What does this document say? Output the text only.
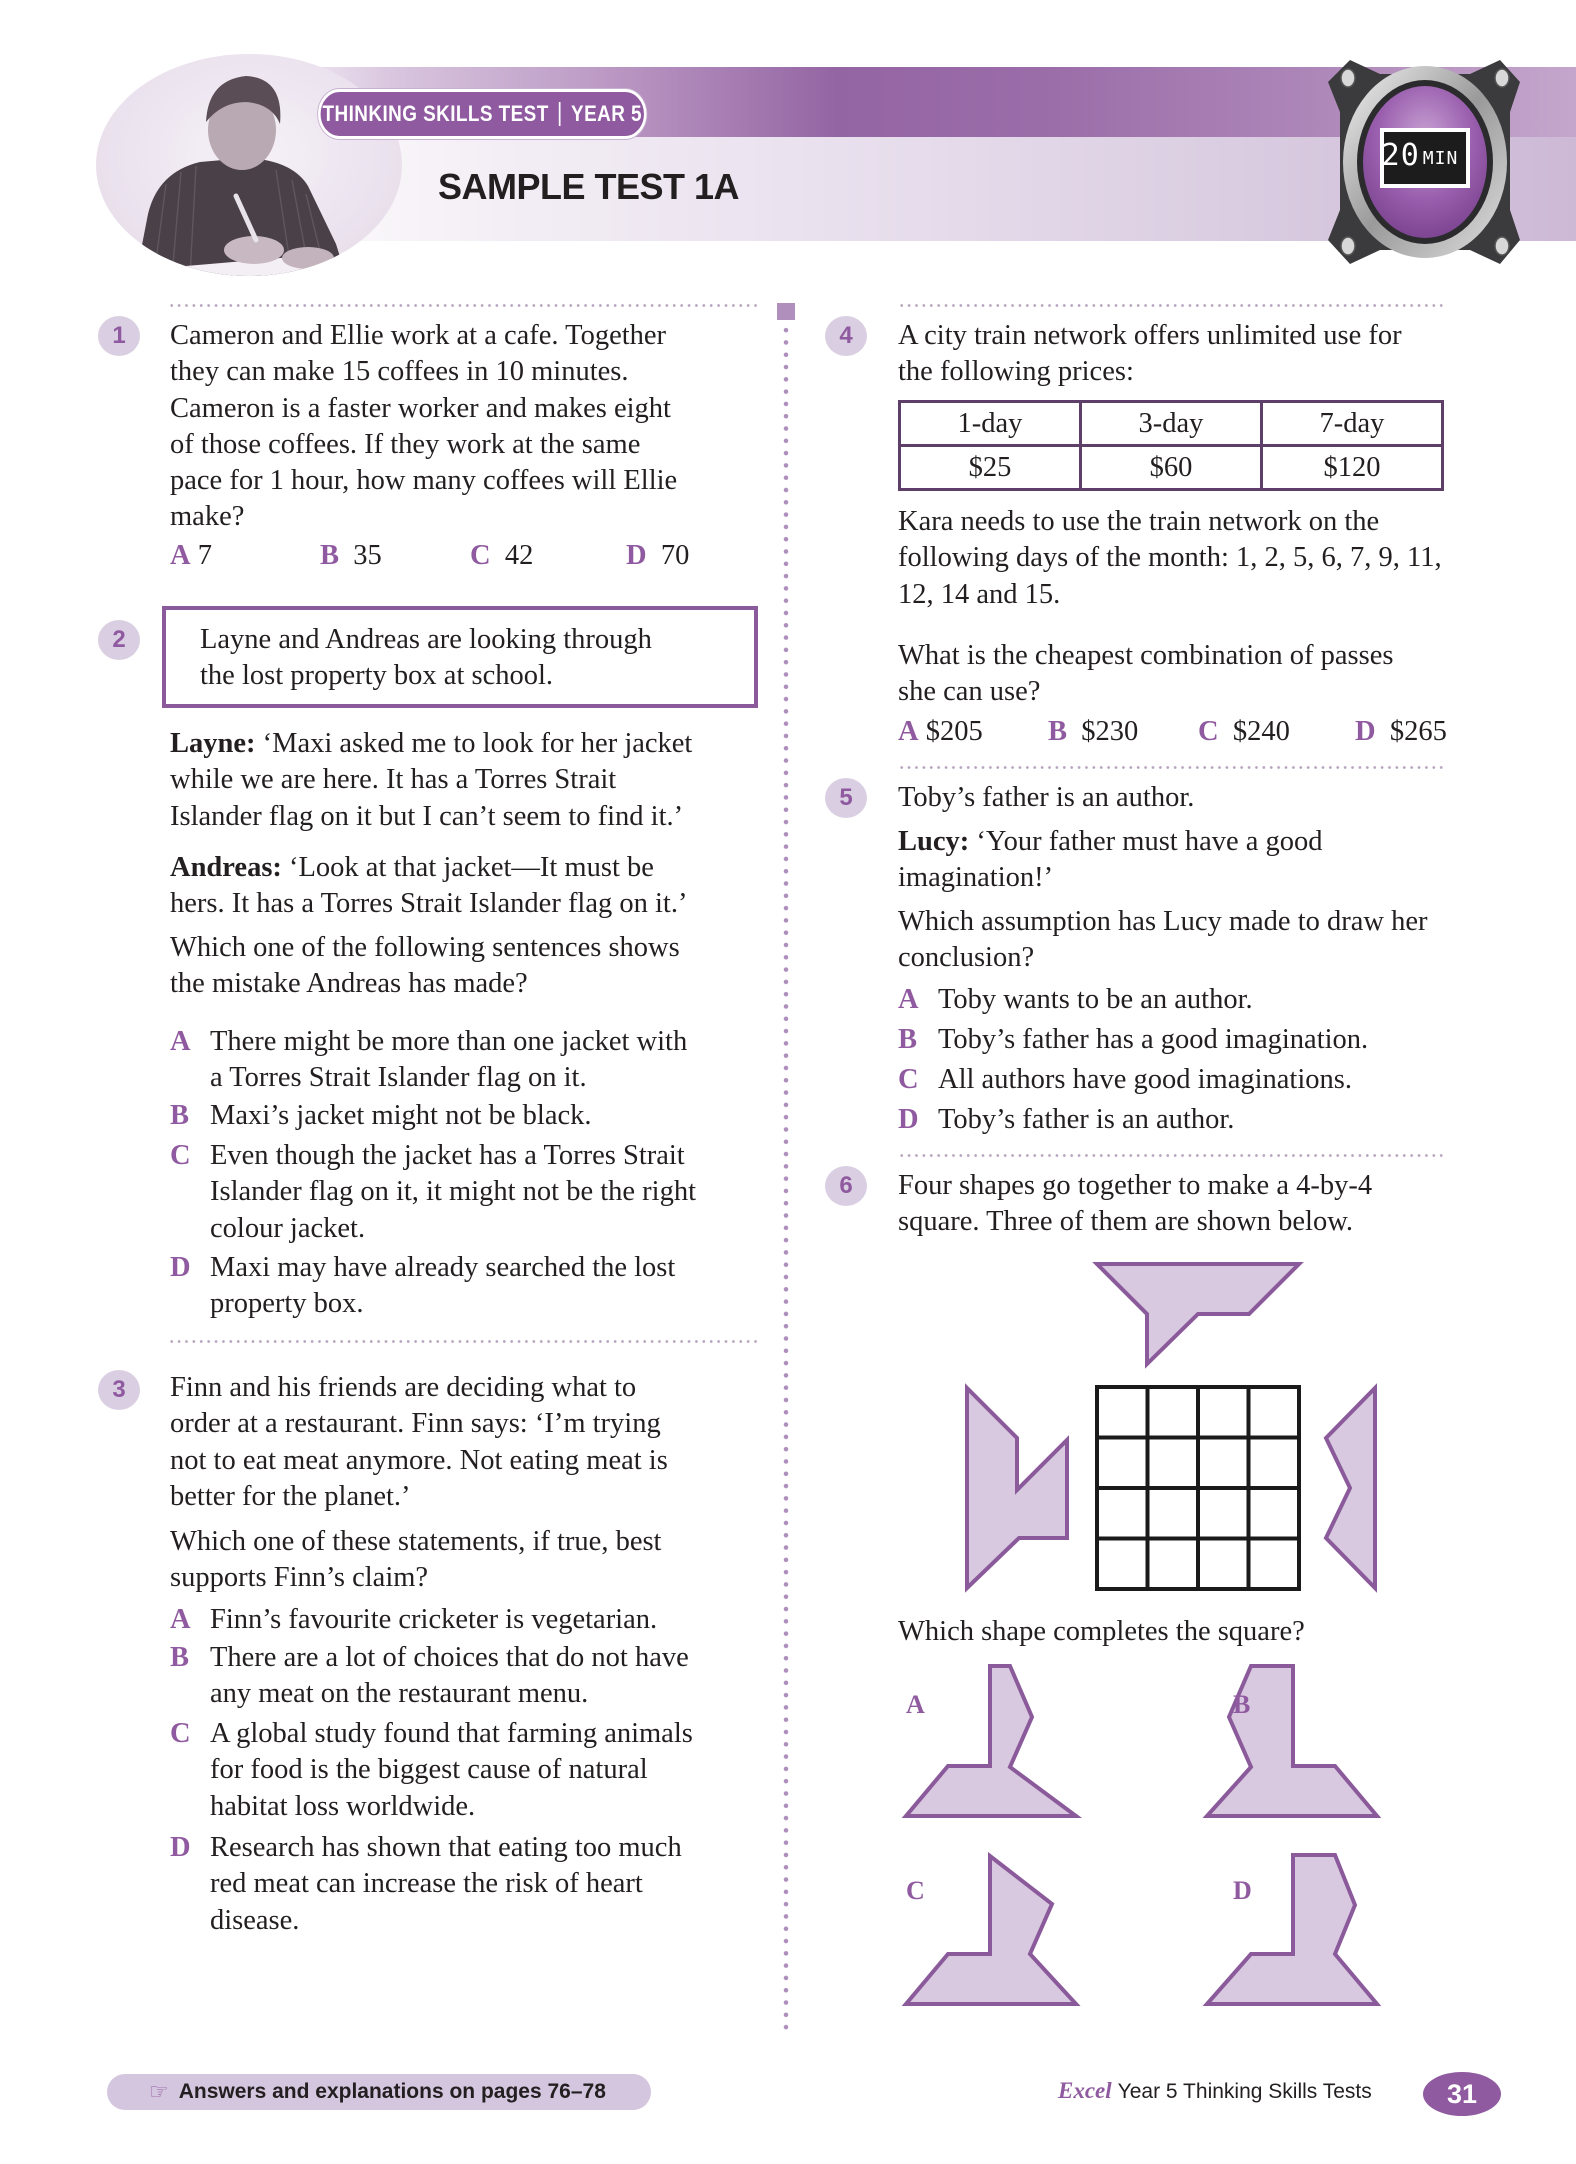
THINKING SKILLS TEST YEAR 5
SAMPLE TEST 1A
20 MIN
1	Cameron and Ellie work at a cafe. Together
they can make 15 coffees in 10 minutes.
Cameron is a faster worker and makes eight
of those coffees. If they work at the same
pace for 1 hour, how many coffees will Ellie
make?
A 7	B 35	C 42	D 70
2	Layne and Andreas are looking through
the lost property box at school.
Layne: ‘Maxi asked me to look for her jacket
while we are here. It has a Torres Strait
Islander flag on it but I can’t seem to find it.’
Andreas: ‘Look at that jacket—It must be
hers. It has a Torres Strait Islander flag on it.’
Which one of the following sentences shows
the mistake Andreas has made?
A There might be more than one jacket with
a Torres Strait Islander flag on it.
B Maxi’s jacket might not be black.
C Even though the jacket has a Torres Strait
Islander flag on it, it might not be the right
colour jacket.
D Maxi may have already searched the lost
property box.
3	Finn and his friends are deciding what to
order at a restaurant. Finn says: ‘I’m trying
not to eat meat anymore. Not eating meat is
better for the planet.’
Which one of these statements, if true, best
supports Finn’s claim?
A Finn’s favourite cricketer is vegetarian.
B There are a lot of choices that do not have
any meat on the restaurant menu.
C A global study found that farming animals
for food is the biggest cause of natural
habitat loss worldwide.
D Research has shown that eating too much
red meat can increase the risk of heart
disease.
4	A city train network offers unlimited use for
the following prices:
1-day	3-day	7-day
$25	$60	$120
Kara needs to use the train network on the
following days of the month: 1, 2, 5, 6, 7, 9, 11,
12, 14 and 15.
What is the cheapest combination of passes
she can use?
A $205 B $230 C $240 D $265
5	Toby’s father is an author.
Lucy: ‘Your father must have a good
imagination!’
Which assumption has Lucy made to draw her
conclusion?
A Toby wants to be an author.
B Toby’s father has a good imagination.
C All authors have good imaginations.
D Toby’s father is an author.
6	Four shapes go together to make a 4-by-4
square. Three of them are shown below.
Which shape completes the square?
A	B
C	D
☞ Answers and explanations on pages 76–78	Excel Year 5 Thinking Skills Tests	31
